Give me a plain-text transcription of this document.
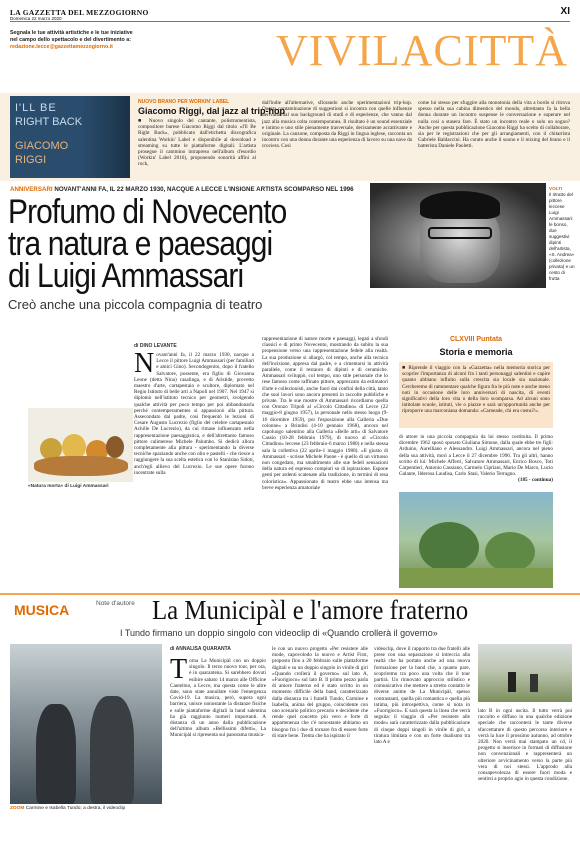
LA GAZZETTA DEL MEZZOGIORNO
Domenica 22 marzo 2020
XI
Segnala le tue attività artistiche e le tue iniziative
nel campo dello spettacolo e del divertimento a:
redazione.lecce@gazzettamezzogiorno.it	VIVILACITTÀ
I'LL BE
RIGHT BACK
GIACOMO
RIGGI
NUOVO BRANO PER WORKIN' LABEL
Giacomo Riggi, dal jazz al trip-hop
■ Nuovo singolo del cantante, polistrumentista, compositore barese Giacomo Riggi dal titolo «I'll Be Right Back», pubblicato dall'etichetta discografica salentina Workin' Label e disponibile al download e streaming su tutte le piattaforme digitali. L'artista prosegue il cammino intrapreso nell'album d'esordio (Workin' Label 2016), proponendo sonorità affini al rock,
dall'indie all'alternative, sfiorando anche sperimentazioni trip-hop. Questa contaminazione di suggestioni si incontra con quelle influenze derivanti dal suo background di studi e di esperienze, che vanno dal jazz alla musica colta contemporanea. Il risultato è un sound essenziale e intimo e uno stile pienamente trasversale, decisamente accattivante e originale. La canzone, composta da Riggi in lingua inglese, racconta un incontro con una donna durante una esperienza di lavoro su una nave da crociera. Così
come lui stesso per sfuggire alla monotonia della vita a bordo si ritrova spesso nella sua cabina dimentico del mondo, altrettanto fa la bella donna durante un incontro suspense le conversazione e superare nel nulla così a stasera fare. È stato un incontro reale o solo un sogno? Anche per questa pubblicazione Giacomo Riggi ha scelto di collaborare, sia per le registrazioni che per gli arrangiamenti, con il chitarrista Gabriele Baldaccini. Ha curato anche il suono e il mixing del brano e il batterista Daniele Paoletti.
ANNIVERSARI NOVANT'ANNI FA, IL 22 MARZO 1930, NACQUE A LECCE L'INSIGNE ARTISTA SCOMPARSO NEL 1996
Profumo di Novecento
tra natura e paesaggi
di Luigi Ammassari
Creò anche una piccola compagnia di teatro
VOLTI
Il ritratto del pittore leccese Luigi Ammassari: le bonso, due suggestivi dipinti dell'artista, «S. Andrea» (collezione privata) e un cesto di frutta
di DINO LEVANTE
«Natura morta» di Luigi Ammassari
Novant'anni fa, il 22 marzo 1930, nacque a Lecce il pittore Luigi Ammassari (per familiari e amici Gino). Secondogenito, dopo il fratello Salvatore, possente, era figlio di Giovanna Leone (detta Nina) casalinga, e di Aristide, provetto maestro d'arte, cartapestaio e scultore, diplomato nel Regio Istituto di belle arti a Napoli nel 1907. Nel 1947 si diplomò nell'istituto tecnico per geometri, svolgendo qualche attività per poco tempo per poi abbandonarla perché contemperamentes si appassionò alla pittura. Assecondato dal padre, così frequentò le lezioni di Cesare Augusto Lucrezio (figlio del celebre cartapestaio Achille De Lucrezio), da cui rimase influenzato nella rappresentazione paesaggistica, e dell'altrettanto famoso pittore calimerese Michele Palumbo. Si dedicò allora completamente alla pittura - sperimentando la diverse tecniche spaziando anche con olio e pastelli - che riesce a raggiungere la sua scelta estetica con lo Stanislao Sidoti, anch'egli allievo del Lucrezio. Le sue opere furono incentrate sulla
rappresentazione di nature morte e paesaggi, legati a sfondi classici e di primo Novecento, mostrando da subito la sua propensione verso una rappresentazione fedele alla realtà. La sua produzione si allargò, col tempo, anche alla tecnica dell'incisione, appresa dal padre, e a cimentarsi in attività parallele, come il restauro di dipinti e di ceramiche. Ammassari sviluppò, col tempo, uno stile personale che lo rese famoso come raffinato pittore, apprezzato da estimatori d'arte e collezionisti, anche fuori dai confini della città, tanto che suoi lavori sono ancora presenti in raccolte pubbliche e private. Tra le sue mostre di Ammassari ricordiamo quella con Oronzo Tripoli al «Circolo Cittadino» di Lecce (22 maggio-8 giugno 1957), la personale nello stesso luogo (9-16 dicembre 1959), poi l'esposizione alla Galleria «Due colonne» a Brindisi (4-10 gennaio 1968), ancora nel capoluogo salentino alla Galleria «Belle arti» di Salvatore Cassio (10-28 febbraio 1979), di nuovo al «Circolo Cittadino» leccese (23 febbraio-6 marzo 1980) e nella stessa sala la collettiva (22 aprile-1 maggio 1988). «Il giusto di Ammassari - scrisse Michele Paone - è quello di un virtuoso non congedato, ma smaltimento alle sue fedeli sensazioni della natura ed espresso compiuti su di ispirazione. Espone genti per ardenti scatenate alla tradizione, in termini di resa coloristica». Appassionato di teatro ebbe una intensa ma breve esperienza amatoriale
CLXVIII Puntata
Storia e memoria
■ Riprende il viaggio con la «Gazzetta» nella memoria storica per scoprire l'importanza di alcuni fra i tanti personaggi salentini e capire quanto abbiano influito sulla crescita sia locale sia nazionale. Cercheremo di rammentare qualche figura fra le più note e anche meno noti in occasione delle loro anniversari di nascita, di eventi significativi della loro vita o della loro scomparsa. Ad alcuni sono intitolate scuole, istituti, vie o piazze e sarà un'opportunità anche per riproporre una marconiana domanda: «Carneade, chi era costui?».
di attore in una piccola compagnia da lui stesso costituita. Il primo dicembre 1962 sposò sposato Giuliana Simone, dalla quale ebbe tre figli: Arduino, Aurelliano e Alessandro. Luigi Ammassari, ancora nel pieno della sua attività, morì a Lecce il 27 dicembre 1996. Tra gli altri, hanno scritto di lui: Michele Afferri, Salvatore Ammassari, Enrico Bosco, Toti Carpentieri, Antonio Cassiano, Carmelo Cipriani, Mario De Marco, Lucio Galante, Ilderosa Laudisa, Carlo Stasi, Valerio Terragno.
(185 - continua)
MUSICA	Note d'autore La Municipàl e l'amore fraterno
I Tundo firmano un doppio singolo con videoclip di «Quando crollerà il governo»
ZOOM Carmine e Isabella Tundo; a destra, il videoclip
di ANNALISA QUARANTA
Torna La Municipàl con un doppio singolo. Il terzo nuovo tour, per ora, è in quarantena. Si sarebbero dovuti esibire sabato 14 marzo alle Officine Cantelmo, a Lecce, ma questa come le altre date, sono state annullate viste l'emergenza Covid-19. La musica, però, supera ogni barriera, unisce nonostante la distanze fisiche e sulle piattaforme digitali la band salentina ha già raggiunto numeri importanti. A distanza di un anno dalla pubblicazione dell'ultimo album «Bellissimi difetti», La Municipàl si ripresenta sul panorama musica-
le con un nuovo progetto «Per resistere alle mode, capovolodo la nuovo e Artist First, proposto fino a 20 febbraio sulle piattaforme digitali e su un doppio singolo in vinile di giri «Quando crollerà il governo» sul lato A, «Fuorigioco» sul lato B. Il primo pezzo parla di amore fraterno ed è stato scritto in un momento difficile della band, caratterizzato dalla distanza tra i fratelli Tundo, Carmine e Isabella, anima del gruppo, coincidente con uno scenario politico precario e decidente che rende quel concetto più vero e forte di appartenenza che c'è nonostante abbiamo un bisogno fra i due di tornare fra di essere forte di stare bene. Trenta che ha ispirato il
videoclip, dove il rapporto tra due fratelli alle prese con una separazione si intreccia alla realtà che ha portato anche ad una nuova formazione per la band che, a quanto pare, scopriremo tra poco una volta che il tour partirà. Un rinnovato approccio stilistico e comunicativo che mettere a stretto contatto le diverse anime de La Municipàl, spesso contrastanti, quella più romantica e quella più intima, più introspettiva, come si nota in «Fuorigioco». E sarà questa la linea che verrà seguita: il viaggio di «Per resistere alle mode» sarà caratterizzato dalla pubblicazione di cinque doppi singoli in vinile di giri, a tiratura limitata e con un forte dualismo tra lato A e
lato B in ogni uscita. Il tutto verrà poi raccolto e diffuso in una qualche edizione speciale che racconterà le tante diverse sfaccettature di questo percorso interiore e verrà la luce il prossimo autunno, ad ottobre 2020. Non verrà mai stampato un cd, il progetto si inserisce in formati di diffusione non convenzionali e rappresenterà un ulteriore avvicinamento verso la parte più vera di noi stessi. L'approdo alla consapevolezza di essere fuori moda e sentirsi a proprio agio in questa condizione.
